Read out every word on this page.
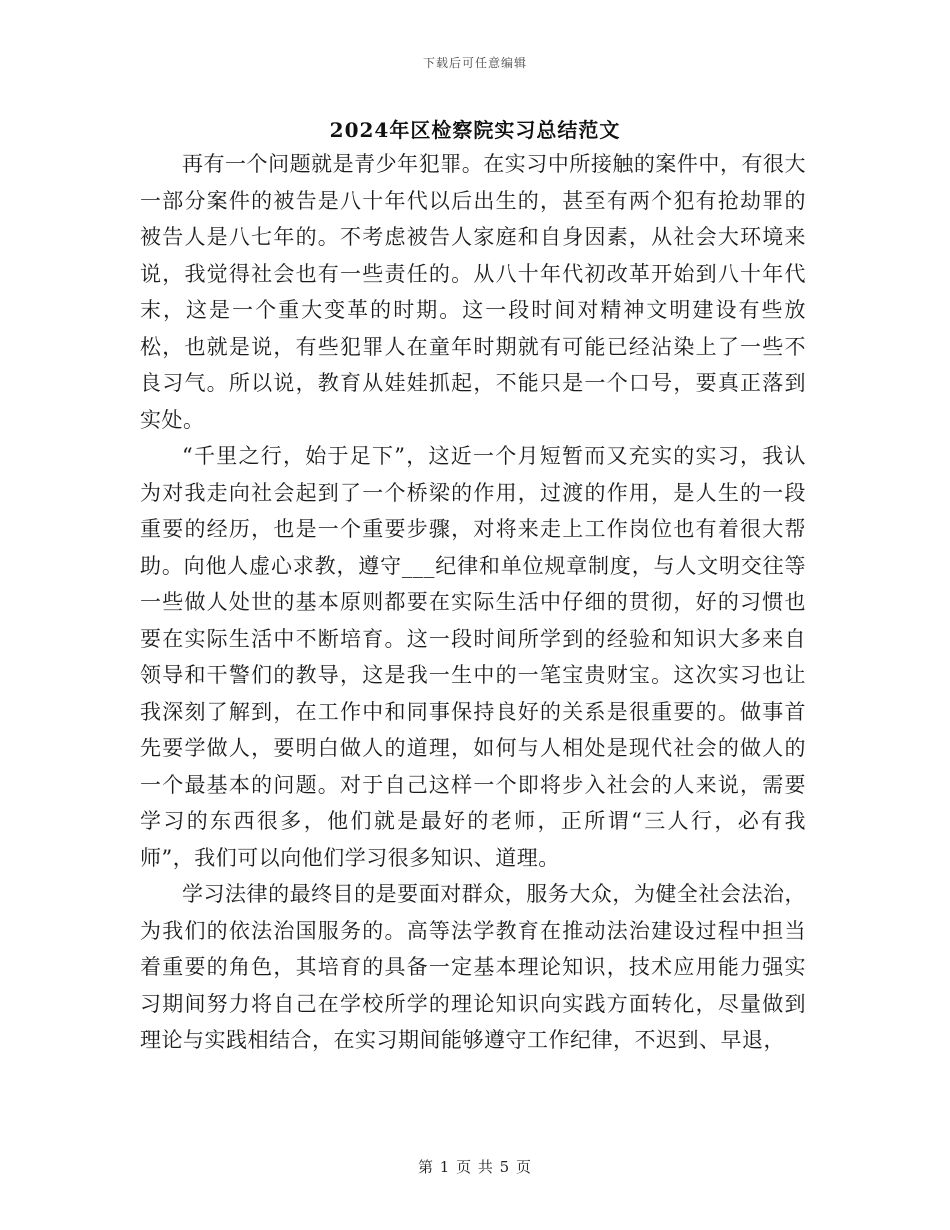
下载后可任意编辑
2024年区检察院实习总结范文

再有一个问题就是青少年犯罪。在实习中所接触的案件中，有很大一部分案件的被告是八十年代以后出生的，甚至有两个犯有抢劫罪的被告人是八七年的。不考虑被告人家庭和自身因素，从社会大环境来说，我觉得社会也有一些责任的。从八十年代初改革开始到八十年代末，这是一个重大变革的时期。这一段时间对精神文明建设有些放松，也就是说，有些犯罪人在童年时期就有可能已经沾染上了一些不良习气。所以说，教育从娃娃抓起，不能只是一个口号，要真正落到实处。

“千里之行，始于足下”，这近一个月短暂而又充实的实习，我认为对我走向社会起到了一个桥梁的作用，过渡的作用，是人生的一段重要的经历，也是一个重要步骤，对将来走上工作岗位也有着很大帮助。向他人虚心求教，遵守___纪律和单位规章制度，与人文明交往等一些做人处世的基本原则都要在实际生活中仔细的贯彻，好的习惯也要在实际生活中不断培育。这一段时间所学到的经验和知识大多来自领导和干警们的教导，这是我一生中的一笔宝贵财宝。这次实习也让我深刻了解到，在工作中和同事保持良好的关系是很重要的。做事首先要学做人，要明白做人的道理，如何与人相处是现代社会的做人的一个最基本的问题。对于自己这样一个即将步入社会的人来说，需要学习的东西很多，他们就是最好的老师，正所谓“三人行，必有我师”，我们可以向他们学习很多知识、道理。

学习法律的最终目的是要面对群众，服务大众，为健全社会法治，为我们的依法治国服务的。高等法学教育在推动法治建设过程中担当着重要的角色，其培育的具备一定基本理论知识，技术应用能力强实习期间努力将自己在学校所学的理论知识向实践方面转化，尽量做到理论与实践相结合，在实习期间能够遵守工作纪律，不迟到、早退，

第 1 页 共 5 页
